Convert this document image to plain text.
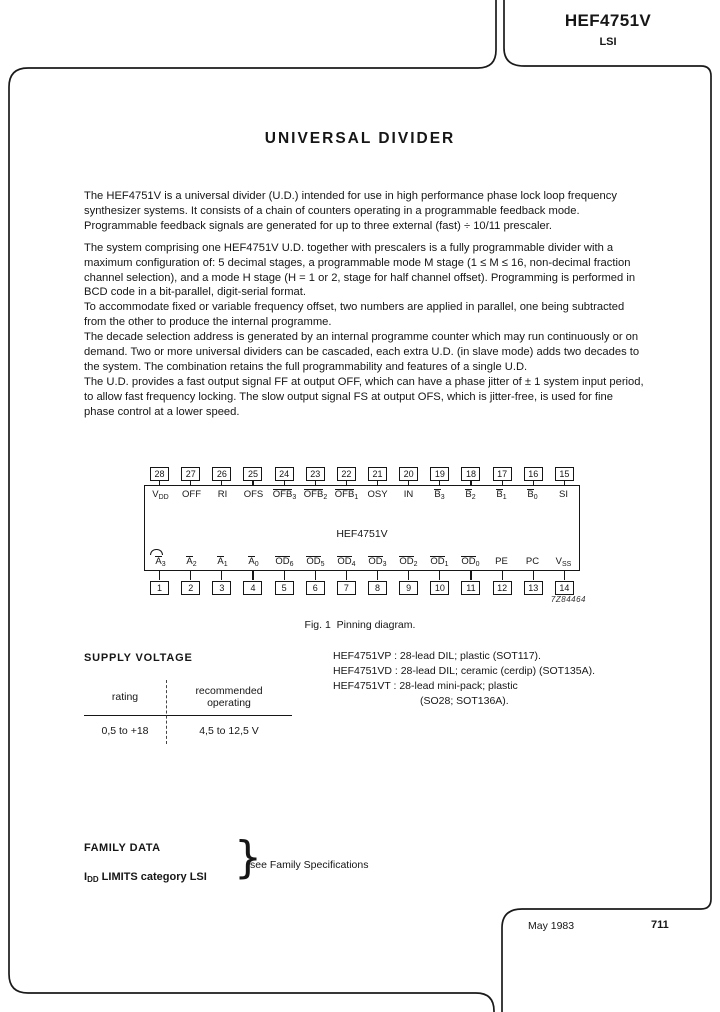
HEF4751V
LSI
UNIVERSAL DIVIDER

The HEF4751V is a universal divider (U.D.) intended for use in high performance phase lock loop frequency synthesizer systems. It consists of a chain of counters operating in a programmable feedback mode. Programmable feedback signals are generated for up to three external (fast) ÷ 10/11 prescaler.

The system comprising one HEF4751V U.D. together with prescalers is a fully programmable divider with a maximum configuration of: 5 decimal stages, a programmable mode M stage (1 ≤ M ≤ 16, non-decimal fraction channel selection), and a mode H stage (H = 1 or 2, stage for half channel offset). Programming is performed in BCD code in a bit-parallel, digit-serial format.

To accommodate fixed or variable frequency offset, two numbers are applied in parallel, one being subtracted from the other to produce the internal programme.

The decade selection address is generated by an internal programme counter which may run continuously or on demand. Two or more universal dividers can be cascaded, each extra U.D. (in slave mode) adds two decades to the system. The combination retains the full programmability and features of a single U.D.

The U.D. provides a fast output signal FF at output OFF, which can have a phase jitter of ± 1 system input period, to allow fast frequency locking. The slow output signal FS at output OFS, which is jitter-free, is used for fine phase control at a lower speed.

28	27	26	25	24	23	22	21	20	19	18	17	16	15
$V_{DD}$ OFF RI OFS $OFB_3$ $OFB_2$ $OFB_1$ OSY IN $B_3$ $B_2$ $B_1$ $B_0$ SI
HEF4751V
$A_3$ $A_2$ $A_1$ $A_0$ $OD_6$ $OD_5$ $OD_4$ $OD_3$ $OD_2$ $OD_1$ $OD_0$ PE PC $V_{SS}$
1	2	3	4	5	6	7	8	9	10	11	12	13	14
7Z84464
Fig. 1  Pinning diagram.
SUPPLY VOLTAGE
rating	recommended
operating
0,5 to +18	4,5 to 12,5 V
HEF4751VP : 28-lead DIL; plastic (SOT117).
HEF4751VD : 28-lead DIL; ceramic (cerdip) (SOT135A).
HEF4751VT : 28-lead mini-pack; plastic
(SO28; SOT136A).
FAMILY DATA
$I_{DD}$ LIMITS category LSI }
see Family Specifications
May 1983	711
